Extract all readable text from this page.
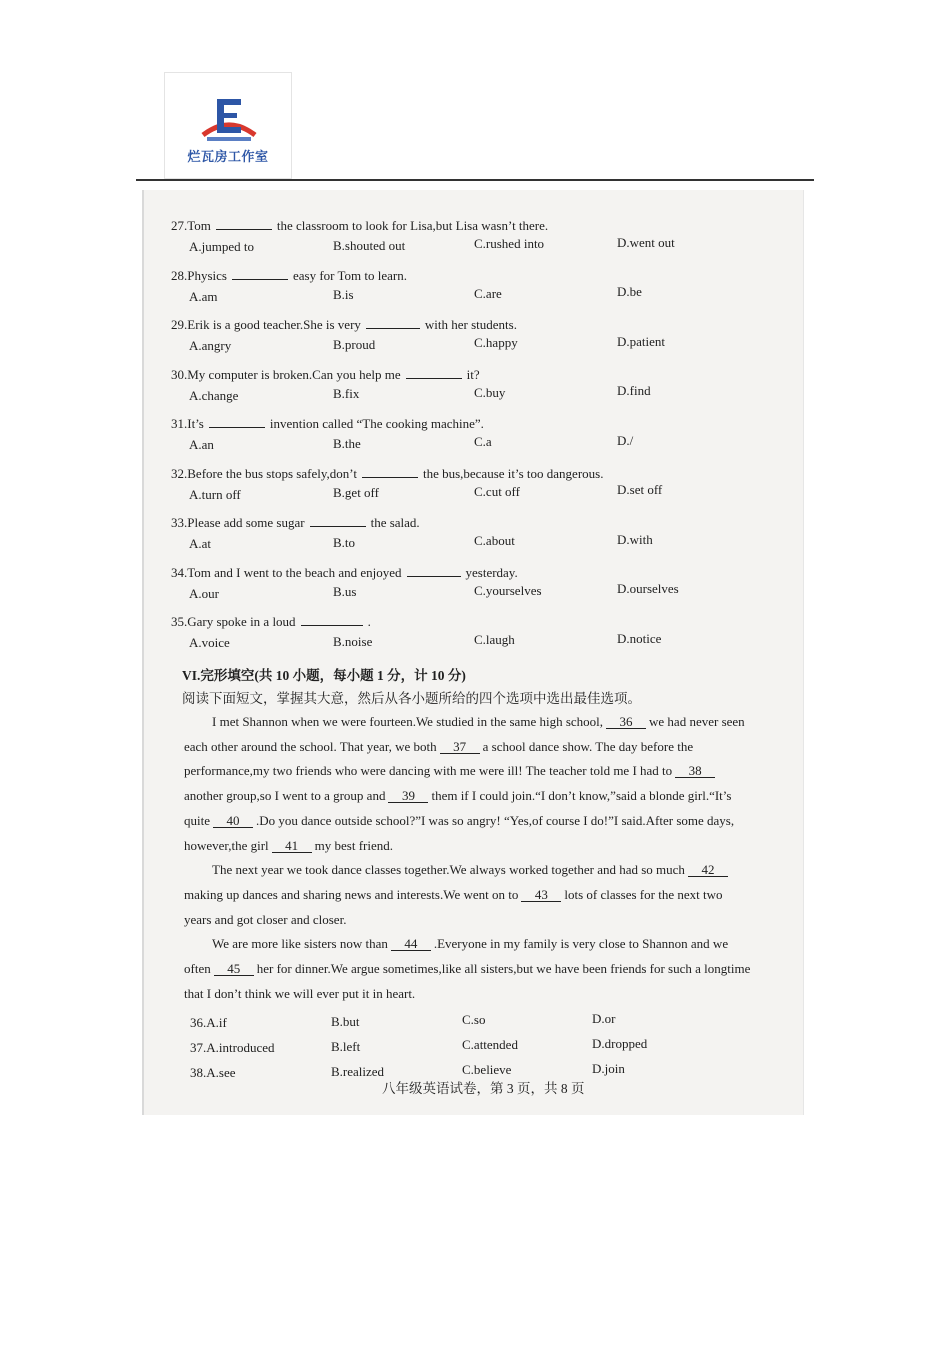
烂瓦房工作室
27.Tom	the classroom to look for Lisa,but Lisa wasn’t there.
A.jumped to	B.shouted out	C.rushed into	D.went out
28.Physics	easy for Tom to learn.
A.am	B.is	C.are	D.be
29.Erik is a good teacher.She is very	with her students.
A.angry	B.proud	C.happy	D.patient
30.My computer is broken.Can you help me	it?
A.change	B.fix	C.buy	D.find
31.It’s	invention called “The cooking machine”.
A.an	B.the	C.a	D./
32.Before the bus stops safely,don’t	the bus,because it’s too dangerous.
A.turn off	B.get off	C.cut off	D.set off
33.Please add some sugar	the salad.
A.at	B.to	C.about	D.with
34.Tom and I went to the beach and enjoyed	yesterday.
A.our	B.us	C.yourselves	D.ourselves
35.Gary spoke in a loud	.
A.voice	B.noise	C.laugh	D.notice
VI.完形填空(共 10 小题，每小题 1 分，计 10 分)
阅读下面短文，掌握其大意，然后从各小题所给的四个选项中选出最佳选项。
I met Shannon when we were fourteen.We studied in the same high school, 36 we had never seen
each other around the school. That year, we both 37 a school dance show. The day before the
performance,my two friends who were dancing with me were ill! The teacher told me I had to 38
another group,so I went to a group and 39 them if I could join.“I don’t know,”said a blonde girl.“It’s
quite 40 .Do you dance outside school?”I was so angry! “Yes,of course I do!”I said.After some days,
however,the girl 41 my best friend.
The next year we took dance classes together.We always worked together and had so much 42
making up dances and sharing news and interests.We went on to 43 lots of classes for the next two
years and got closer and closer.
We are more like sisters now than 44 .Everyone in my family is very close to Shannon and we
often 45 her for dinner.We argue sometimes,like all sisters,but we have been friends for such a longtime
that I don’t think we will ever put it in heart.
36.A.if	B.but	C.so	D.or
37.A.introduced	B.left	C.attended	D.dropped
38.A.see	B.realized	C.believe	D.join
八年级英语试卷，第 3 页，共 8 页
